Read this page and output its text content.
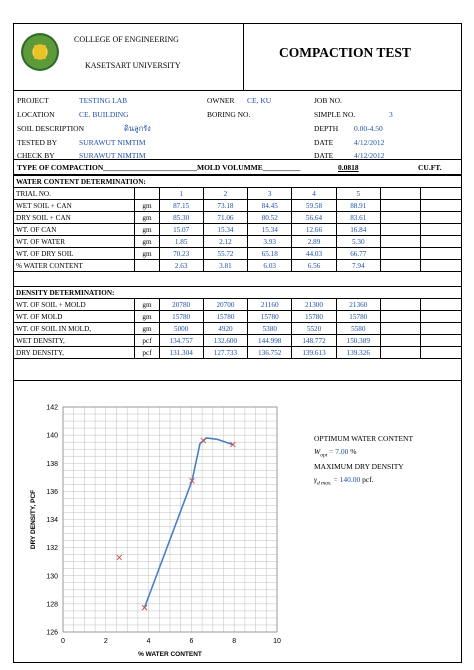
COLLEGE OF ENGINEERING
KASETSART UNIVERSITY
COMPACTION TEST
PROJECT	TESTING LAB	OWNER CE, KU	JOB NO.
LOCATION	CE. BUILDING	BORING NO.	SIMPLE NO.	3
SOIL DESCRIPTION	ดินลูกรัง	DEPTH 0.00-4.50
TESTED BY	SURAWUT NIMTIM	DATE	4/12/2012
CHECK BY	SURAWUT NIMTIM	DATE	4/12/2012
TYPE OF COMPACTION_________________________MOLD VOLUMME__________	0.0818	CU.FT.
WATER CONTENT DETERMINATION:								
TRIAL NO.		1	2	3	4	5		
WET SOIL + CAN	gm	87.15	73.18	84.45	59.58	88.91		
DRY SOIL + CAN	gm	85.30	71.06	80.52	56.64	83.61		
WT. OF CAN	gm	15.07	15.34	15.34	12.66	16.84		
WT. OF WATER	gm	1.85	2.12	3.93	2.89	5.30		
WT. OF DRY SOIL	gm	70.23	55.72	65.18	44.03	66.77		
% WATER CONTENT		2.63	3.81	6.03	6.56	7.94		
DENSITY DETERMINATION:								
WT. OF SOIL + MOLD	gm	20780	20700	21160	21300	21360		
WT. OF MOLD	gm	15780	15780	15780	15780	15780		
WT. OF SOIL IN MOLD,	gm	5000	4920	5380	5520	5580		
WET DENSITY,	pcf	134.757	132.600	144.998	148.772	150.389		
DRY DENSITY,	pcf	131.304	127.733	136.752	139.613	139.326		
0	2	4	6	8	10
126
128
130
132
134
136
138
140
142
% WATER CONTENT
DRY DENSITY, PCF
OPTIMUM WATER CONTENT
$W_{opt} = 7.00$ %
MAXIMUM DRY DENSITY
$\gamma_{d max.} = 140.00$ pcf.
